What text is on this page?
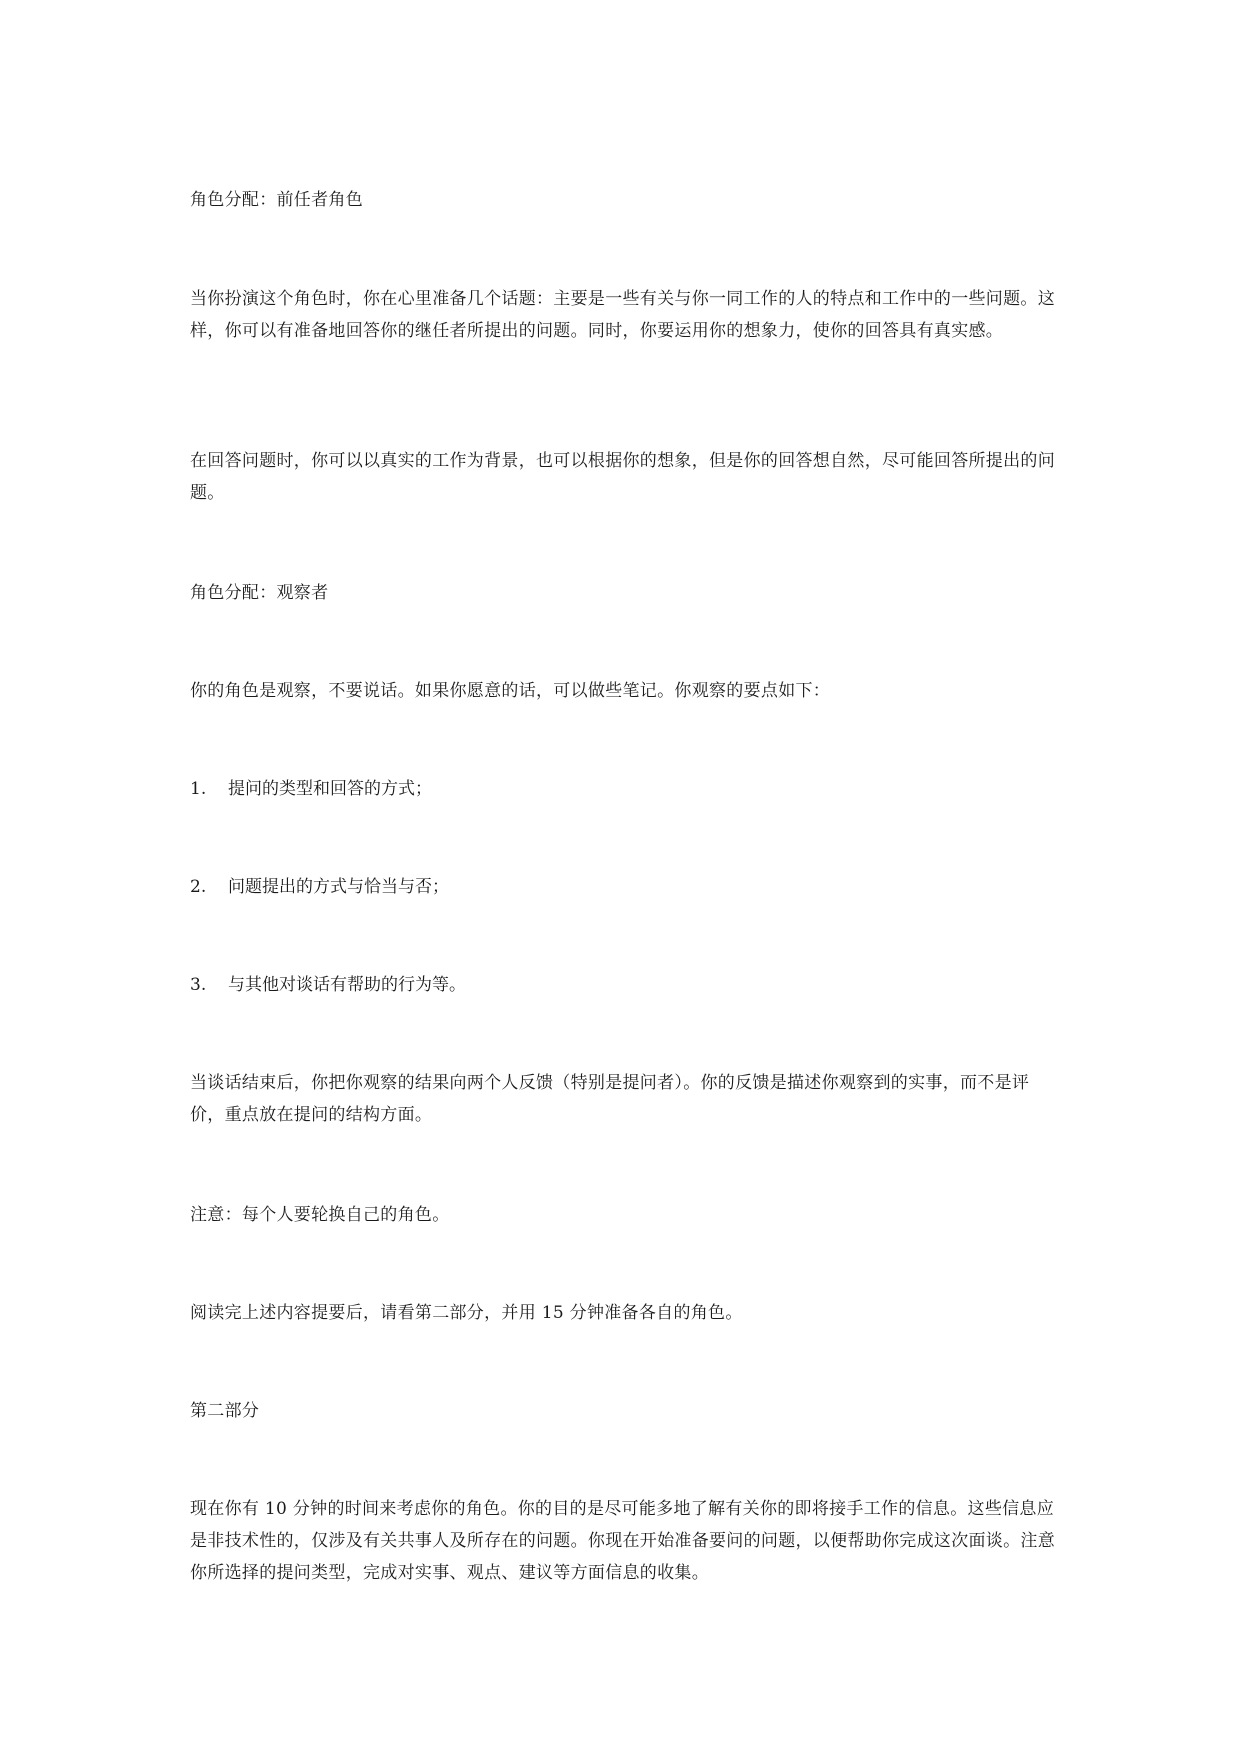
角色分配：前任者角色

当你扮演这个角色时，你在心里准备几个话题：主要是一些有关与你一同工作的人的特点和工作中的一些问题。这样，你可以有准备地回答你的继任者所提出的问题。同时，你要运用你的想象力，使你的回答具有真实感。

在回答问题时，你可以以真实的工作为背景，也可以根据你的想象，但是你的回答想自然，尽可能回答所提出的问题。

角色分配：观察者

你的角色是观察，不要说话。如果你愿意的话，可以做些笔记。你观察的要点如下：

1.	提问的类型和回答的方式；
2.	问题提出的方式与恰当与否；
3.	与其他对谈话有帮助的行为等。

当谈话结束后，你把你观察的结果向两个人反馈（特别是提问者）。你的反馈是描述你观察到的实事，而不是评价，重点放在提问的结构方面。

注意：每个人要轮换自己的角色。

阅读完上述内容提要后，请看第二部分，并用 15 分钟准备各自的角色。

第二部分

现在你有 10 分钟的时间来考虑你的角色。你的目的是尽可能多地了解有关你的即将接手工作的信息。这些信息应是非技术性的，仅涉及有关共事人及所存在的问题。你现在开始准备要问的问题，以便帮助你完成这次面谈。注意你所选择的提问类型，完成对实事、观点、建议等方面信息的收集。
